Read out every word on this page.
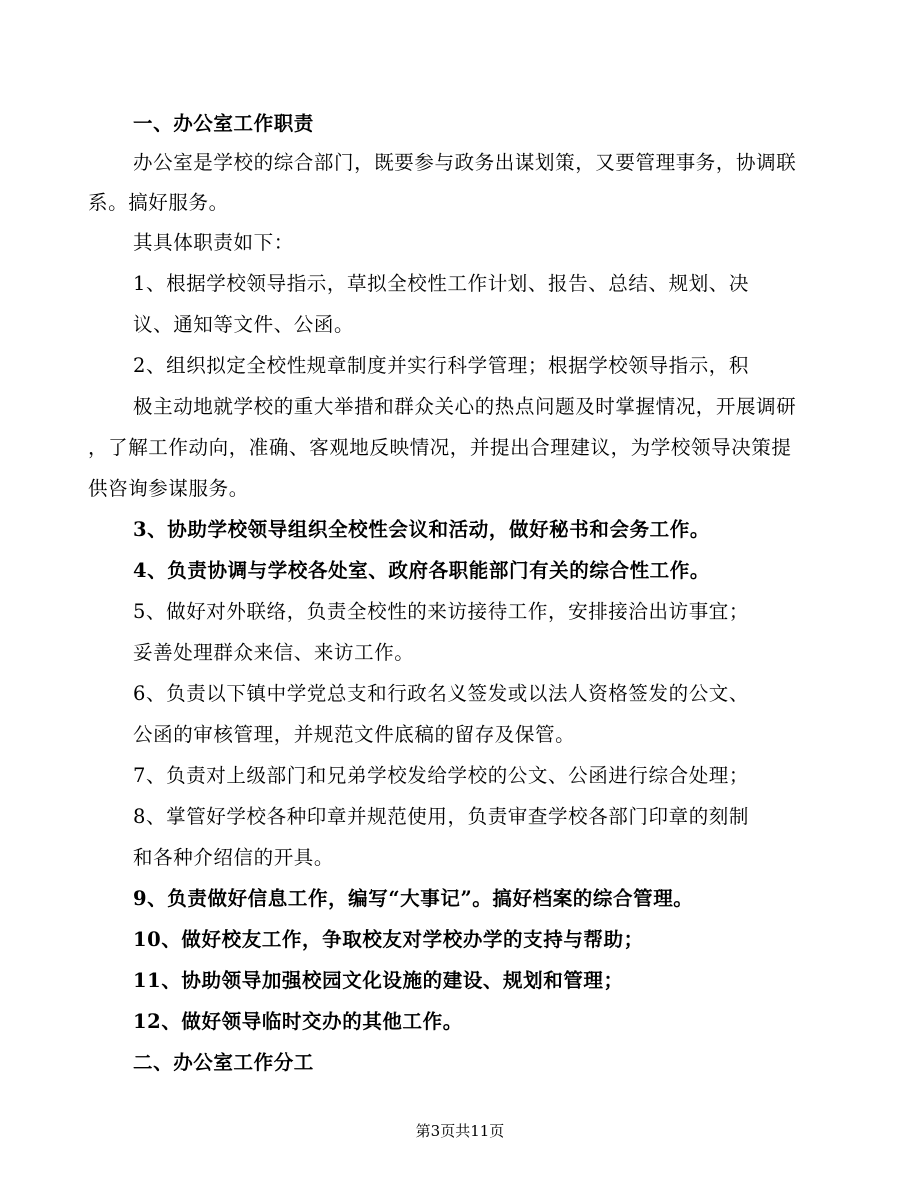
一、办公室工作职责
办公室是学校的综合部门，既要参与政务出谋划策，又要管理事务，协调联
系。搞好服务。
其具体职责如下：
1、根据学校领导指示，草拟全校性工作计划、报告、总结、规划、决
议、通知等文件、公函。
2、组织拟定全校性规章制度并实行科学管理；根据学校领导指示，积
极主动地就学校的重大举措和群众关心的热点问题及时掌握情况，开展调研
，了解工作动向，准确、客观地反映情况，并提出合理建议，为学校领导决策提
供咨询参谋服务。
3、协助学校领导组织全校性会议和活动，做好秘书和会务工作。
4、负责协调与学校各处室、政府各职能部门有关的综合性工作。
5、做好对外联络，负责全校性的来访接待工作，安排接洽出访事宜；
妥善处理群众来信、来访工作。
6、负责以下镇中学党总支和行政名义签发或以法人资格签发的公文、
公函的审核管理，并规范文件底稿的留存及保管。
7、负责对上级部门和兄弟学校发给学校的公文、公函进行综合处理；
8、掌管好学校各种印章并规范使用，负责审查学校各部门印章的刻制
和各种介绍信的开具。
9、负责做好信息工作，编写“大事记”。搞好档案的综合管理。
10、做好校友工作，争取校友对学校办学的支持与帮助；
11、协助领导加强校园文化设施的建设、规划和管理；
12、做好领导临时交办的其他工作。
二、办公室工作分工
第3页共11页
